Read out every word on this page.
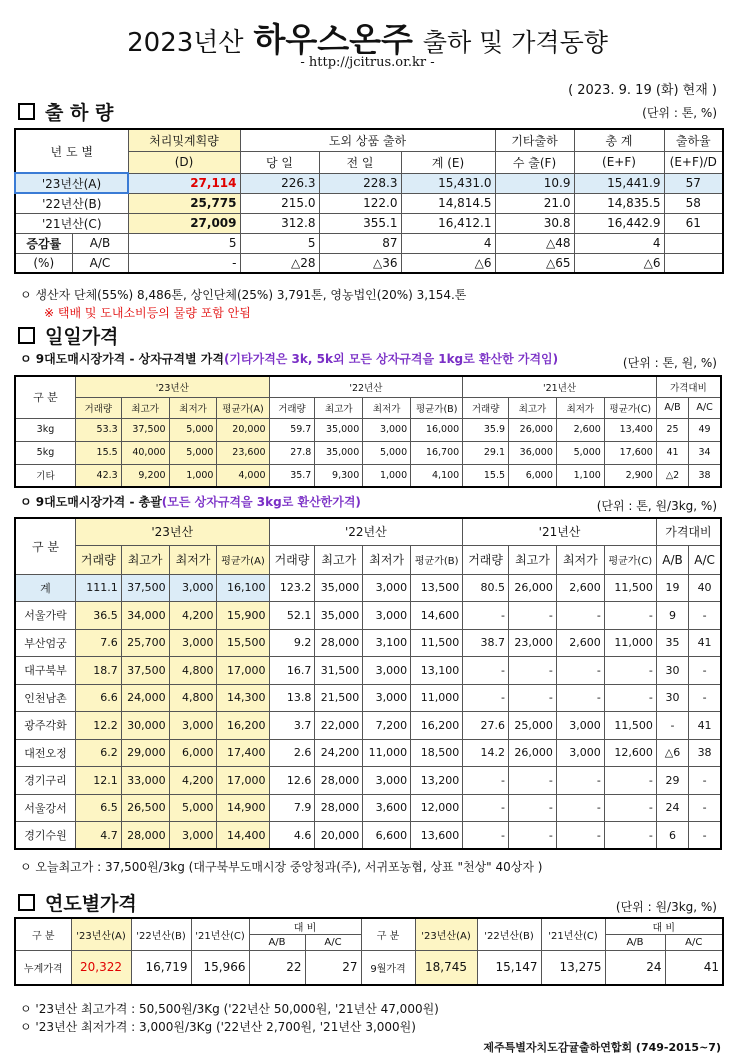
2023년산 하우스온주 출하 및 가격동향
- http://jcitrus.or.kr -
( 2023. 9. 19 (화) 현재 )
출 하 량	(단위 : 톤, %)
년 도 별		처리및계획량	도외 상품 출하			기타출하	총 계	출하율
		(D)	당 일	전 일	계 (E)	수 출(F)	(E+F)	(E+F)/D
'23년산(A)		27,114	226.3	228.3	15,431.0	10.9	15,441.9	57
'22년산(B)		25,775	215.0	122.0	14,814.5	21.0	14,835.5	58
'21년산(C)		27,009	312.8	355.1	16,412.1	30.8	16,442.9	61
증감률	A/B	5	5	87	4	△48	4	
(%)	A/C	-	△28	△36	△6	△65	△6	
ㅇ 생산자 단체(55%) 8,486톤, 상인단체(25%) 3,791톤, 영농법인(20%) 3,154.톤
※ 택배 및 도내소비등의 물량 포함 안됨
일일가격
ㅇ 9대도매시장가격 - 상자규격별 가격(기타가격은 3k, 5k외 모든 상자규격을 1kg로 환산한 가격임)	(단위 : 톤, 원, %)
구 분	'23년산				'22년산				'21년산				가격대비	
	거래량	최고가	최저가	평균가(A)	거래량	최고가	최저가	평균가(B)	거래량	최고가	최저가	평균가(C)	A/B	A/C
3kg	53.3	37,500	5,000	20,000	59.7	35,000	3,000	16,000	35.9	26,000	2,600	13,400	25	49
5kg	15.5	40,000	5,000	23,600	27.8	35,000	5,000	16,700	29.1	36,000	5,000	17,600	41	34
기타	42.3	9,200	1,000	4,000	35.7	9,300	1,000	4,100	15.5	6,000	1,100	2,900	△2	38
ㅇ 9대도매시장가격 - 총괄(모든 상자규격을 3kg로 환산한가격)	(단위 : 톤, 원/3kg, %)
구 분	'23년산				'22년산				'21년산				가격대비	
	거래량	최고가	최저가	평균가(A)	거래량	최고가	최저가	평균가(B)	거래량	최고가	최저가	평균가(C)	A/B	A/C
계	111.1	37,500	3,000	16,100	123.2	35,000	3,000	13,500	80.5	26,000	2,600	11,500	19	40
서울가락	36.5	34,000	4,200	15,900	52.1	35,000	3,000	14,600	-	-	-	-	9	-
부산엄궁	7.6	25,700	3,000	15,500	9.2	28,000	3,100	11,500	38.7	23,000	2,600	11,000	35	41
대구북부	18.7	37,500	4,800	17,000	16.7	31,500	3,000	13,100	-	-	-	-	30	-
인천남촌	6.6	24,000	4,800	14,300	13.8	21,500	3,000	11,000	-	-	-	-	30	-
광주각화	12.2	30,000	3,000	16,200	3.7	22,000	7,200	16,200	27.6	25,000	3,000	11,500	-	41
대전오정	6.2	29,000	6,000	17,400	2.6	24,200	11,000	18,500	14.2	26,000	3,000	12,600	△6	38
경기구리	12.1	33,000	4,200	17,000	12.6	28,000	3,000	13,200	-	-	-	-	29	-
서울강서	6.5	26,500	5,000	14,900	7.9	28,000	3,600	12,000	-	-	-	-	24	-
경기수원	4.7	28,000	3,000	14,400	4.6	20,000	6,600	13,600	-	-	-	-	6	-
ㅇ 오늘최고가 : 37,500원/3kg (대구북부도매시장 중앙청과(주), 서귀포농협, 상표 "천상" 40상자 )
연도별가격	(단위 : 원/3kg, %)
구 분	'23년산(A)	'22년산(B)	'21년산(C)	대 비		구 분	'23년산(A)	'22년산(B)	'21년산(C)	대 비	
				A/B	A/C					A/B	A/C
누계가격	20,322	16,719	15,966	22	27	9월가격	18,745	15,147	13,275	24	41
ㅇ '23년산 최고가격 : 50,500원/3Kg ('22년산 50,000원, '21년산 47,000원)
ㅇ '23년산 최저가격 : 3,000원/3Kg ('22년산 2,700원, '21년산 3,000원)
제주특별자치도감귤출하연합회 (749-2015~7)
